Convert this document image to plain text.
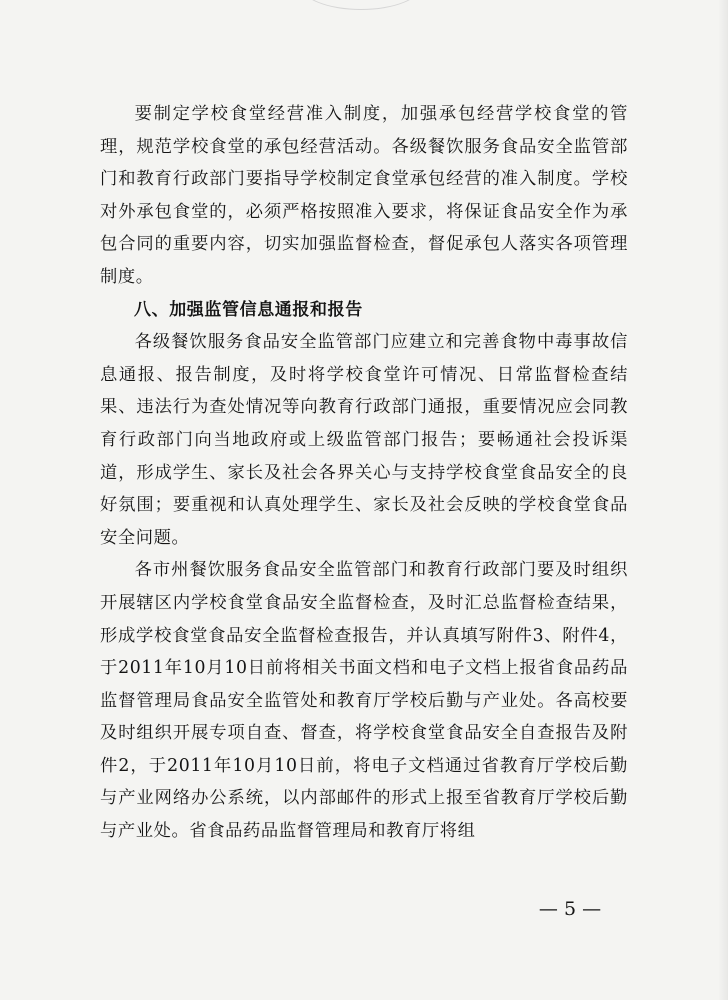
要制定学校食堂经营准入制度，加强承包经营学校食堂的管理，规范学校食堂的承包经营活动。各级餐饮服务食品安全监管部门和教育行政部门要指导学校制定食堂承包经营的准入制度。学校对外承包食堂的，必须严格按照准入要求，将保证食品安全作为承包合同的重要内容，切实加强监督检查，督促承包人落实各项管理制度。

八、加强监管信息通报和报告

各级餐饮服务食品安全监管部门应建立和完善食物中毒事故信息通报、报告制度，及时将学校食堂许可情况、日常监督检查结果、违法行为查处情况等向教育行政部门通报，重要情况应会同教育行政部门向当地政府或上级监管部门报告；要畅通社会投诉渠道，形成学生、家长及社会各界关心与支持学校食堂食品安全的良好氛围；要重视和认真处理学生、家长及社会反映的学校食堂食品安全问题。

各市州餐饮服务食品安全监管部门和教育行政部门要及时组织开展辖区内学校食堂食品安全监督检查，及时汇总监督检查结果，形成学校食堂食品安全监督检查报告，并认真填写附件3、附件4，于2011年10月10日前将相关书面文档和电子文档上报省食品药品监督管理局食品安全监管处和教育厅学校后勤与产业处。各高校要及时组织开展专项自查、督查，将学校食堂食品安全自查报告及附件2，于2011年10月10日前，将电子文档通过省教育厅学校后勤与产业网络办公系统，以内部邮件的形式上报至省教育厅学校后勤与产业处。省食品药品监督管理局和教育厅将组

— 5 —
